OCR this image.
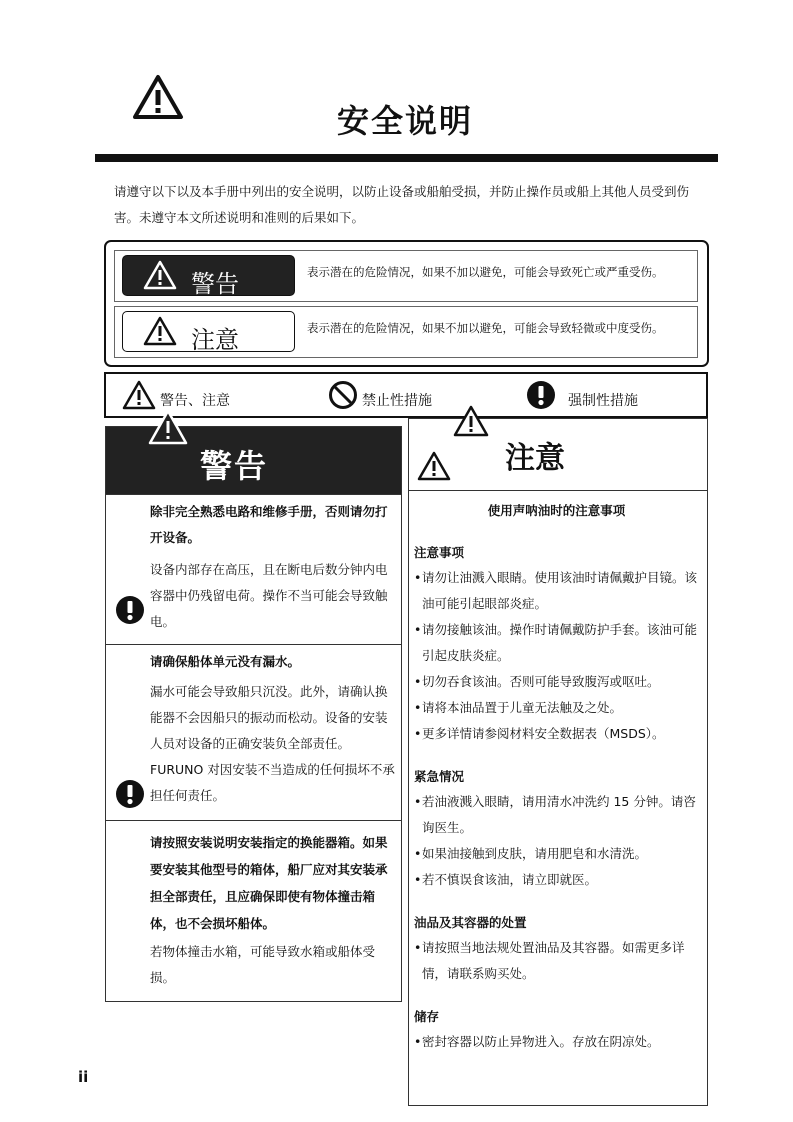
安全说明
请遵守以下以及本手册中列出的安全说明，以防止设备或船舶受损，并防止操作员或船上其他人员受到伤害。未遵守本文所述说明和准则的后果如下。
警告	表示潜在的危险情况，如果不加以避免，可能会导致死亡或严重受伤。
注意	表示潜在的危险情况，如果不加以避免，可能会导致轻微或中度受伤。
警告、注意	禁止性措施	强制性措施
警告
除非完全熟悉电路和维修手册，否则请勿打开设备。
设备内部存在高压，且在断电后数分钟内电容器中仍残留电荷。操作不当可能会导致触电。
请确保船体单元没有漏水。
漏水可能会导致船只沉没。此外，请确认换能器不会因船只的振动而松动。设备的安装人员对设备的正确安装负全部责任。FURUNO 对因安装不当造成的任何损坏不承担任何责任。
请按照安装说明安装指定的换能器箱。如果要安装其他型号的箱体，船厂应对其安装承担全部责任，且应确保即使有物体撞击箱体，也不会损坏船体。
若物体撞击水箱，可能导致水箱或船体受损。
注意
使用声呐油时的注意事项
注意事项
• 请勿让油溅入眼睛。使用该油时请佩戴护目镜。该油可能引起眼部炎症。
• 请勿接触该油。操作时请佩戴防护手套。该油可能引起皮肤炎症。
• 切勿吞食该油。否则可能导致腹泻或呕吐。
• 请将本油品置于儿童无法触及之处。
• 更多详情请参阅材料安全数据表（MSDS）。
紧急情况
• 若油液溅入眼睛，请用清水冲洗约 15 分钟。请咨询医生。
• 如果油接触到皮肤，请用肥皂和水清洗。
• 若不慎误食该油，请立即就医。
油品及其容器的处置
• 请按照当地法规处置油品及其容器。如需更多详情，请联系购买处。
储存
• 密封容器以防止异物进入。存放在阴凉处。
ii
